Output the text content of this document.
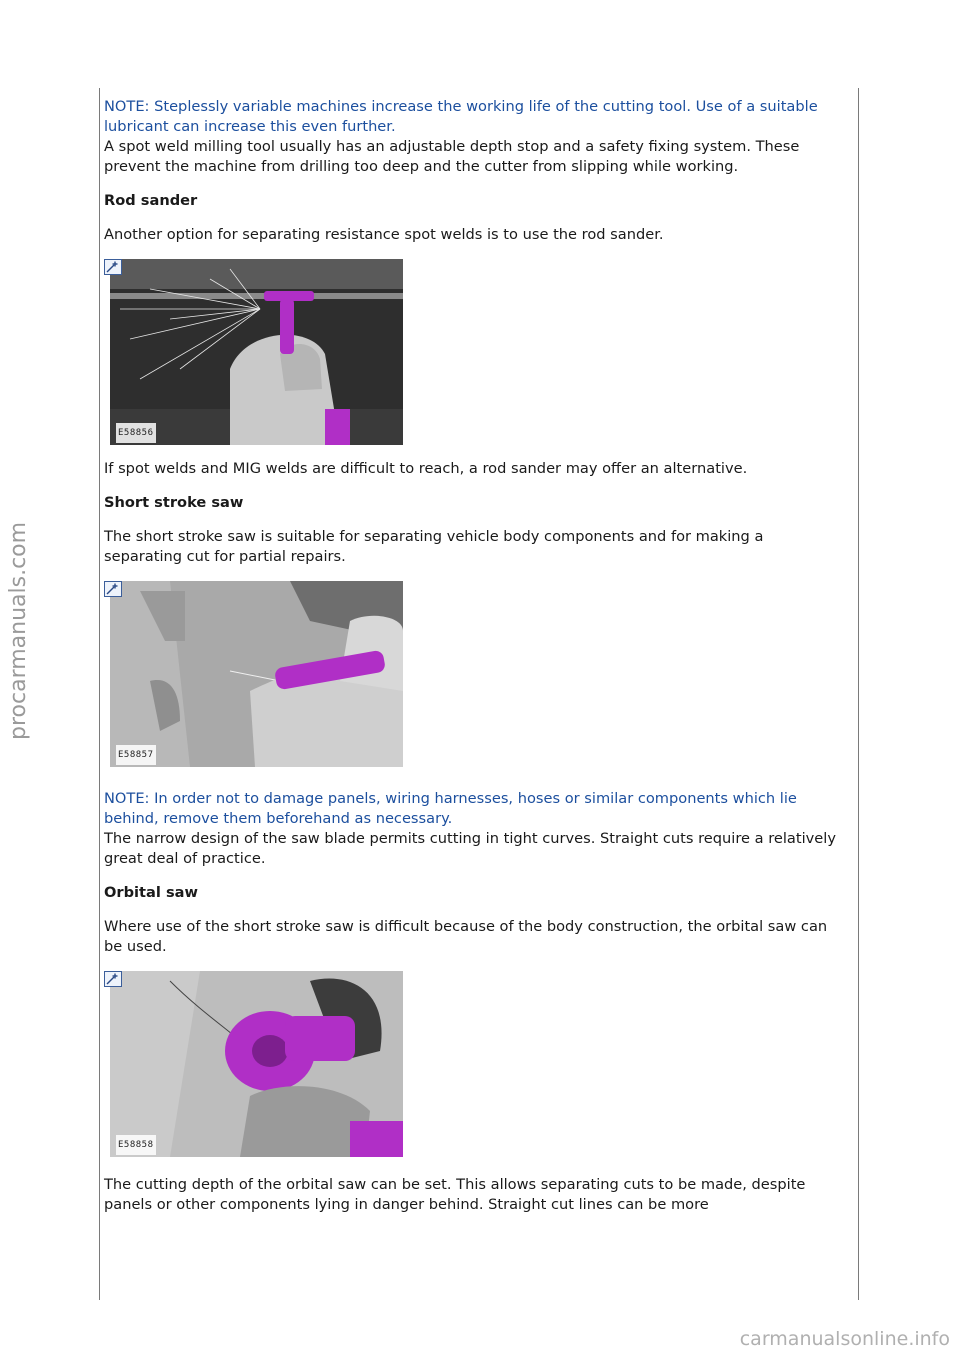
procarmanuals.com

NOTE: Steplessly variable machines increase the working life of the cutting tool. Use of a suitable lubricant can increase this even further.

A spot weld milling tool usually has an adjustable depth stop and a safety fixing system. These prevent the machine from drilling too deep and the cutter from slipping while working.

Rod sander

Another option for separating resistance spot welds is to use the rod sander.

E58856

If spot welds and MIG welds are difficult to reach, a rod sander may offer an alternative.

Short stroke saw

The short stroke saw is suitable for separating vehicle body components and for making a separating cut for partial repairs.

E58857

NOTE: In order not to damage panels, wiring harnesses, hoses or similar components which lie behind, remove them beforehand as necessary.

The narrow design of the saw blade permits cutting in tight curves. Straight cuts require a relatively great deal of practice.

Orbital saw

Where use of the short stroke saw is difficult because of the body construction, the orbital saw can be used.

E58858

The cutting depth of the orbital saw can be set. This allows separating cuts to be made, despite panels or other components lying in danger behind. Straight cut lines can be more

carmanualsonline.info
